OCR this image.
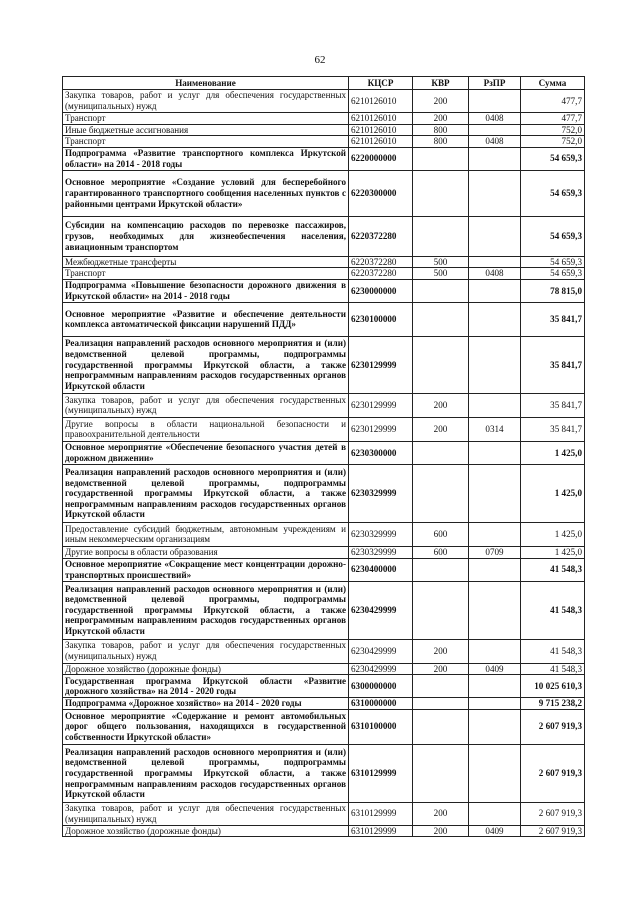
62
Наименование	КЦСР	КВР	РзПР	Сумма
Закупка товаров, работ и услуг для обеспечения государственных (муниципальных) нужд	6210126010	200		477,7
Транспорт	6210126010	200	0408	477,7
Иные бюджетные ассигнования	6210126010	800		752,0
Транспорт	6210126010	800	0408	752,0
Подпрограмма «Развитие транспортного комплекса Иркутской области» на 2014 - 2018 годы	6220000000			54 659,3
Основное мероприятие «Создание условий для бесперебойного гарантированного транспортного сообщения населенных пунктов с районными центрами Иркутской области»	6220300000			54 659,3
Субсидии на компенсацию расходов по перевозке пассажиров, грузов, необходимых для жизнеобеспечения населения, авиационным транспортом	6220372280			54 659,3
Межбюджетные трансферты	6220372280	500		54 659,3
Транспорт	6220372280	500	0408	54 659,3
Подпрограмма «Повышение безопасности дорожного движения в Иркутской области» на 2014 - 2018 годы	6230000000			78 815,0
Основное мероприятие «Развитие и обеспечение деятельности комплекса автоматической фиксации нарушений ПДД»	6230100000			35 841,7
Реализация направлений расходов основного мероприятия и (или) ведомственной целевой программы, подпрограммы государственной программы Иркутской области, а также непрограммным направлениям расходов государственных органов Иркутской области	6230129999			35 841,7
Закупка товаров, работ и услуг для обеспечения государственных (муниципальных) нужд	6230129999	200		35 841,7
Другие вопросы в области национальной безопасности и правоохранительной деятельности	6230129999	200	0314	35 841,7
Основное мероприятие «Обеспечение безопасного участия детей в дорожном движении»	6230300000			1 425,0
Реализация направлений расходов основного мероприятия и (или) ведомственной целевой программы, подпрограммы государственной программы Иркутской области, а также непрограммным направлениям расходов государственных органов Иркутской области	6230329999			1 425,0
Предоставление субсидий бюджетным, автономным учреждениям и иным некоммерческим организациям	6230329999	600		1 425,0
Другие вопросы в области образования	6230329999	600	0709	1 425,0
Основное мероприятие «Сокращение мест концентрации дорожно-транспортных происшествий»	6230400000			41 548,3
Реализация направлений расходов основного мероприятия и (или) ведомственной целевой программы, подпрограммы государственной программы Иркутской области, а также непрограммным направлениям расходов государственных органов Иркутской области	6230429999			41 548,3
Закупка товаров, работ и услуг для обеспечения государственных (муниципальных) нужд	6230429999	200		41 548,3
Дорожное хозяйство (дорожные фонды)	6230429999	200	0409	41 548,3
Государственная программа Иркутской области «Развитие дорожного хозяйства» на 2014 - 2020 годы	6300000000			10 025 610,3
Подпрограмма «Дорожное хозяйство» на 2014 - 2020 годы	6310000000			9 715 238,2
Основное мероприятие «Содержание и ремонт автомобильных дорог общего пользования, находящихся в государственной собственности Иркутской области»	6310100000			2 607 919,3
Реализация направлений расходов основного мероприятия и (или) ведомственной целевой программы, подпрограммы государственной программы Иркутской области, а также непрограммным направлениям расходов государственных органов Иркутской области	6310129999			2 607 919,3
Закупка товаров, работ и услуг для обеспечения государственных (муниципальных) нужд	6310129999	200		2 607 919,3
Дорожное хозяйство (дорожные фонды)	6310129999	200	0409	2 607 919,3
